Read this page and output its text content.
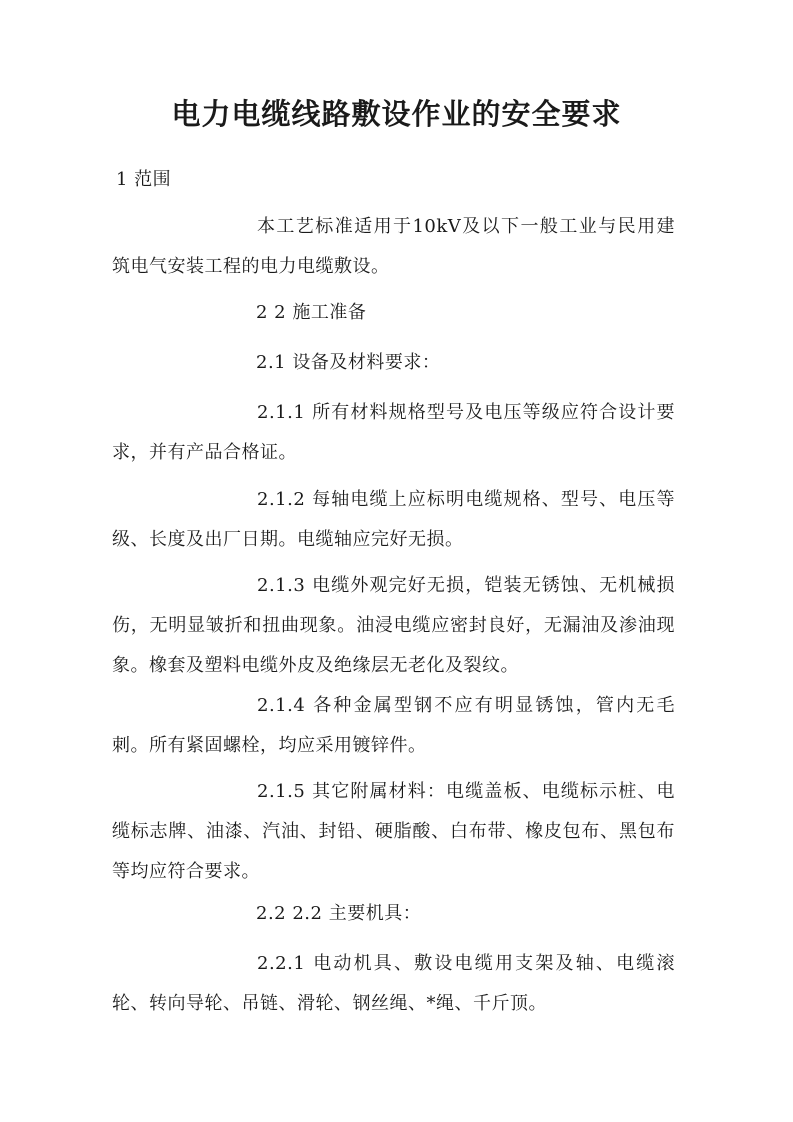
电力电缆线路敷设作业的安全要求
1 范围
本工艺标准适用于10kV及以下一般工业与民用建筑电气安装工程的电力电缆敷设。
2 2 施工准备
2.1 设备及材料要求：
2.1.1 所有材料规格型号及电压等级应符合设计要求，并有产品合格证。
2.1.2 每轴电缆上应标明电缆规格、型号、电压等级、长度及出厂日期。电缆轴应完好无损。
2.1.3 电缆外观完好无损，铠装无锈蚀、无机械损伤，无明显皱折和扭曲现象。油浸电缆应密封良好，无漏油及渗油现象。橡套及塑料电缆外皮及绝缘层无老化及裂纹。
2.1.4 各种金属型钢不应有明显锈蚀，管内无毛刺。所有紧固螺栓，均应采用镀锌件。
2.1.5 其它附属材料：电缆盖板、电缆标示桩、电缆标志牌、油漆、汽油、封铅、硬脂酸、白布带、橡皮包布、黑包布等均应符合要求。
2.2 2.2 主要机具：
2.2.1 电动机具、敷设电缆用支架及轴、电缆滚轮、转向导轮、吊链、滑轮、钢丝绳、*绳、千斤顶。
